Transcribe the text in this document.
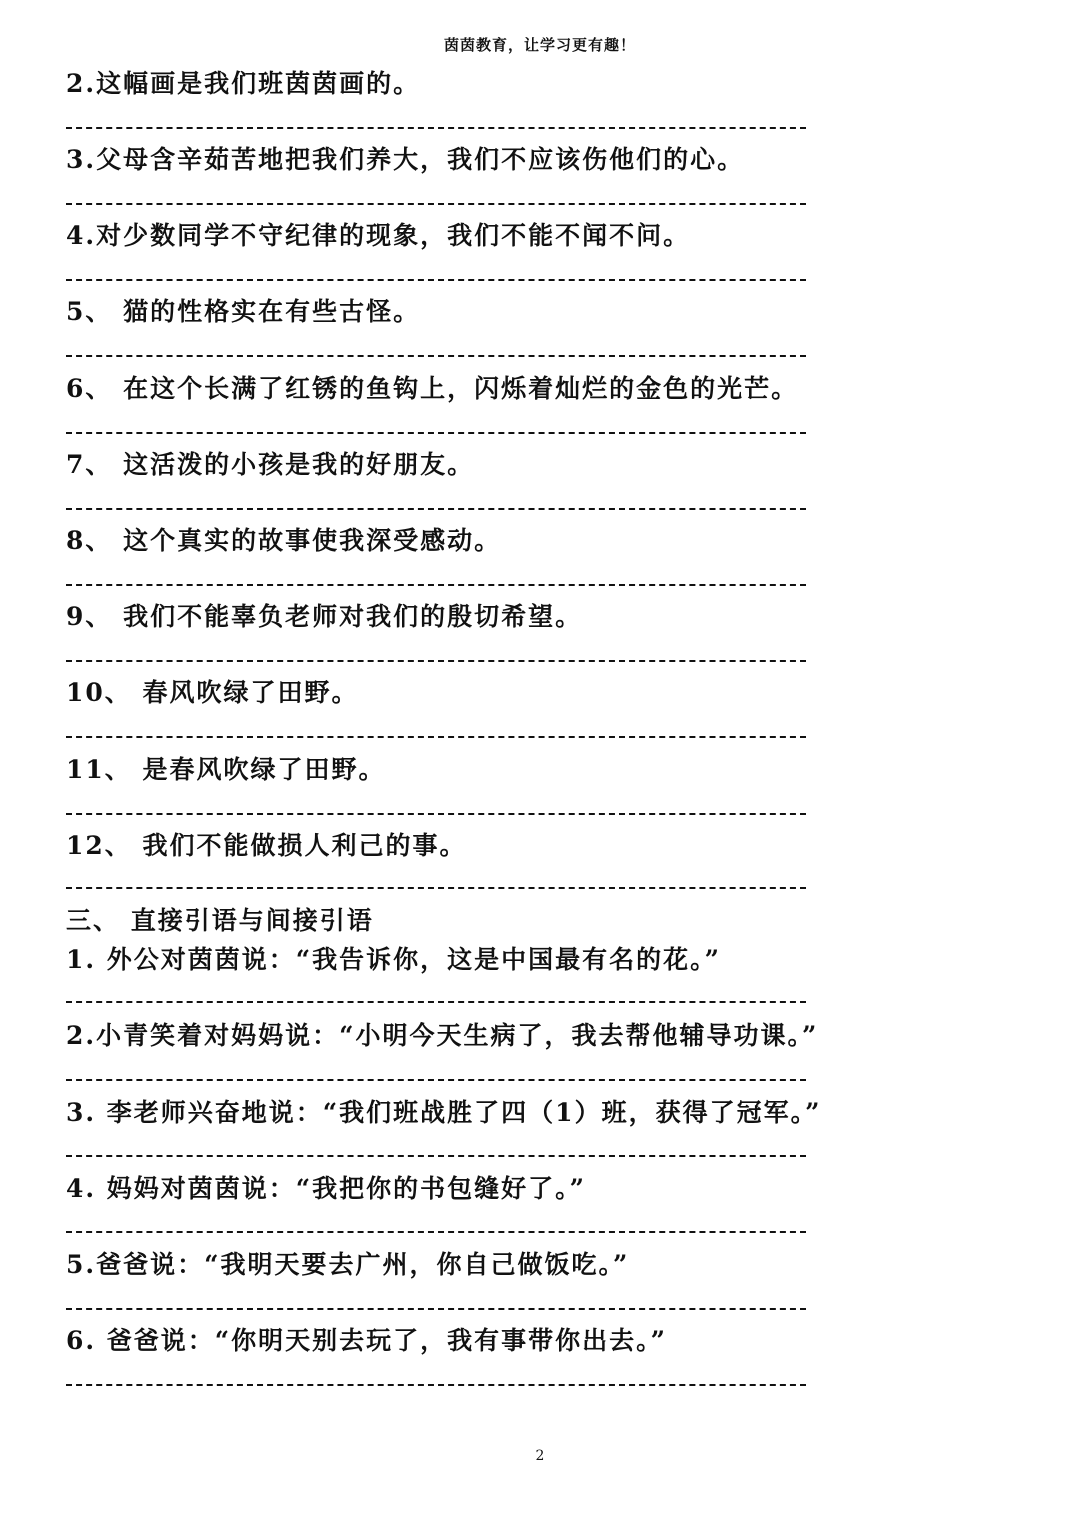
茵茵教育，让学习更有趣！
2.这幅画是我们班茵茵画的。
3.父母含辛茹苦地把我们养大，我们不应该伤他们的心。
4.对少数同学不守纪律的现象，我们不能不闻不问。
5、 猫的性格实在有些古怪。
6、 在这个长满了红锈的鱼钩上，闪烁着灿烂的金色的光芒。
7、 这活泼的小孩是我的好朋友。
8、 这个真实的故事使我深受感动。
9、 我们不能辜负老师对我们的殷切希望。
10、 春风吹绿了田野。
11、 是春风吹绿了田野。
12、 我们不能做损人利己的事。
三、 直接引语与间接引语
1. 外公对茵茵说：“我告诉你，这是中国最有名的花。”
2.小青笑着对妈妈说：“小明今天生病了，我去帮他辅导功课。”
3. 李老师兴奋地说：“我们班战胜了四（1）班，获得了冠军。”
4. 妈妈对茵茵说：“我把你的书包缝好了。”
5.爸爸说：“我明天要去广州，你自己做饭吃。”
6. 爸爸说：“你明天别去玩了，我有事带你出去。”
2
